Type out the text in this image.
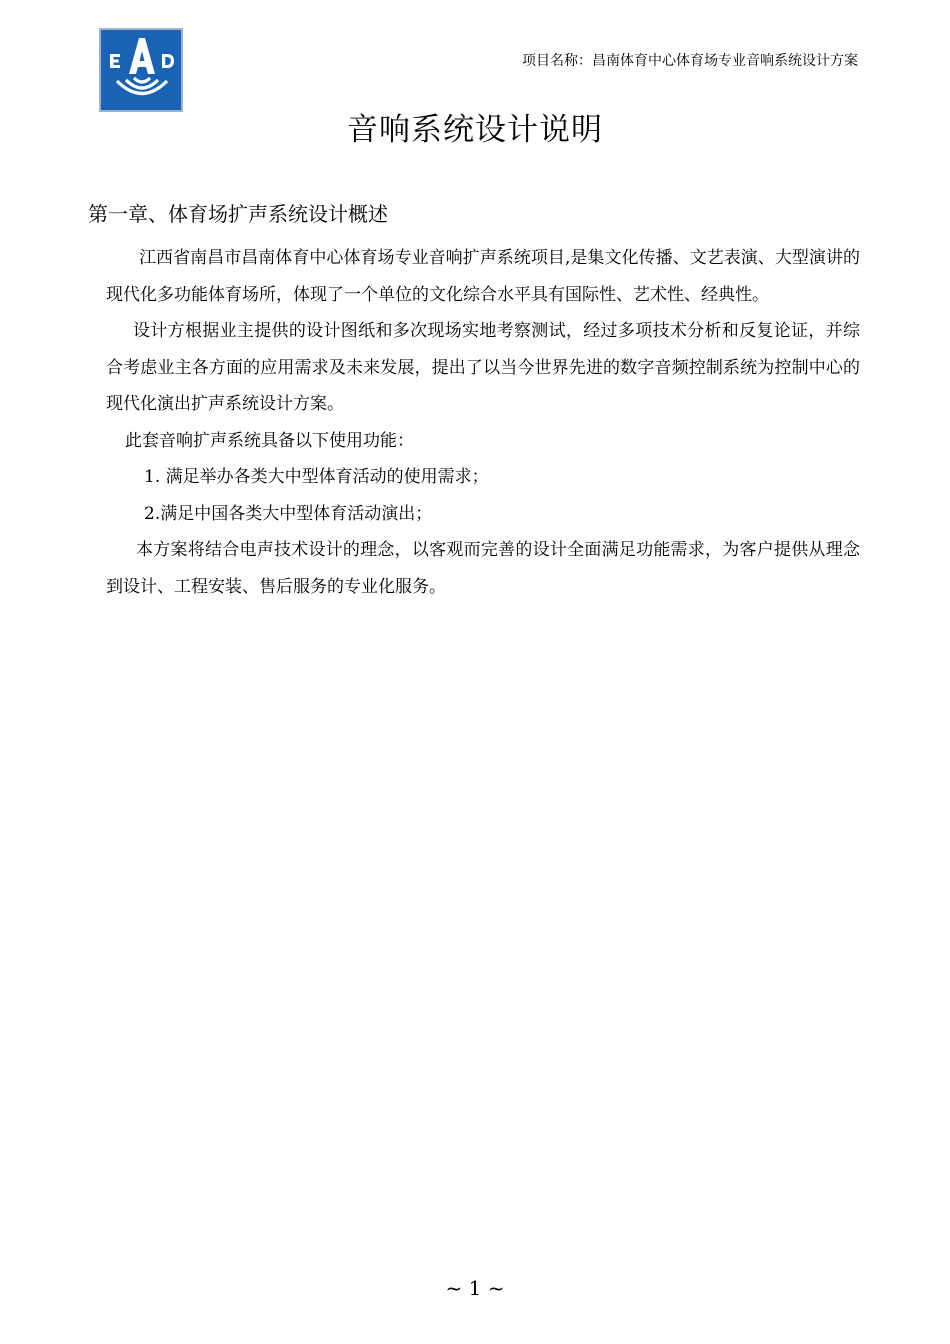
项目名称：昌南体育中心体育场专业音响系统设计方案
音响系统设计说明
第一章、体育场扩声系统设计概述

江西省南昌市昌南体育中心体育场专业音响扩声系统项目,是集文化传播、文艺表演、大型演讲的现代化多功能体育场所，体现了一个单位的文化综合水平具有国际性、艺术性、经典性。

设计方根据业主提供的设计图纸和多次现场实地考察测试，经过多项技术分析和反复论证，并综合考虑业主各方面的应用需求及未来发展，提出了以当今世界先进的数字音频控制系统为控制中心的现代化演出扩声系统设计方案。

此套音响扩声系统具备以下使用功能：

1. 满足举办各类大中型体育活动的使用需求；

2.满足中国各类大中型体育活动演出；

本方案将结合电声技术设计的理念，以客观而完善的设计全面满足功能需求，为客户提供从理念到设计、工程安装、售后服务的专业化服务。

~ 1 ~
